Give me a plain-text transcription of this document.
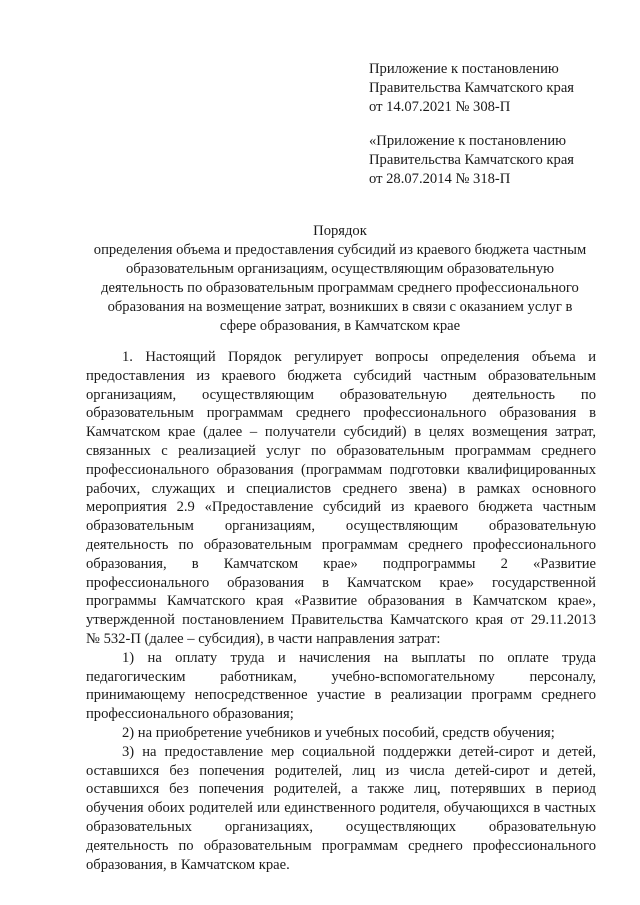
Приложение к постановлению
Правительства Камчатского края
от 14.07.2021 № 308-П
«Приложение к постановлению
Правительства Камчатского края
от 28.07.2014 № 318-П
Порядок
определения объема и предоставления субсидий из краевого бюджета частным
образовательным организациям, осуществляющим образовательную
деятельность по образовательным программам среднего профессионального
образования на возмещение затрат, возникших в связи с оказанием услуг в
сфере образования, в Камчатском крае
1. Настоящий Порядок регулирует вопросы определения объема и
предоставления из краевого бюджета субсидий частным образовательным
организациям, осуществляющим образовательную деятельность по
образовательным программам среднего профессионального образования в
Камчатском крае (далее – получатели субсидий) в целях возмещения затрат,
связанных с реализацией услуг по образовательным программам среднего
профессионального образования (программам подготовки квалифицированных
рабочих, служащих и специалистов среднего звена) в рамках основного
мероприятия 2.9 «Предоставление субсидий из краевого бюджета частным
образовательным организациям, осуществляющим образовательную
деятельность по образовательным программам среднего профессионального
образования, в Камчатском крае» подпрограммы 2 «Развитие
профессионального образования в Камчатском крае» государственной
программы Камчатского края «Развитие образования в Камчатском крае»,
утвержденной постановлением Правительства Камчатского края от 29.11.2013
№ 532-П (далее – субсидия), в части направления затрат:
1) на оплату труда и начисления на выплаты по оплате труда
педагогическим работникам, учебно-вспомогательному персоналу,
принимающему непосредственное участие в реализации программ среднего
профессионального образования;
2) на приобретение учебников и учебных пособий, средств обучения;
3) на предоставление мер социальной поддержки детей-сирот и детей,
оставшихся без попечения родителей, лиц из числа детей-сирот и детей,
оставшихся без попечения родителей, а также лиц, потерявших в период
обучения обоих родителей или единственного родителя, обучающихся в частных
образовательных организациях, осуществляющих образовательную
деятельность по образовательным программам среднего профессионального
образования, в Камчатском крае.
